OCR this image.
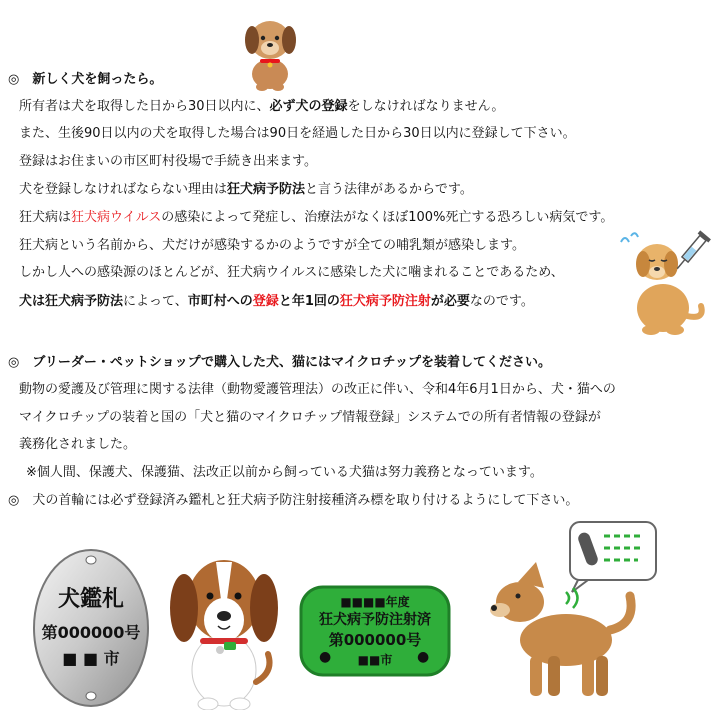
◎　新しく犬を飼ったら。
所有者は犬を取得した日から30日以内に、必ず犬の登録をしなければなりません。
また、生後90日以内の犬を取得した場合は90日を経過した日から30日以内に登録して下さい。
登録はお住まいの市区町村役場で手続き出来ます。
犬を登録しなければならない理由は狂犬病予防法と言う法律があるからです。
狂犬病は狂犬病ウイルスの感染によって発症し、治療法がなくほぼ100%死亡する恐ろしい病気です。
狂犬病という名前から、犬だけが感染するかのようですが全ての哺乳類が感染します。
しかし人への感染源のほとんどが、狂犬病ウイルスに感染した犬に噛まれることであるため、
犬は狂犬病予防法によって、市町村への登録と年1回の狂犬病予防注射が必要なのです。
◎　ブリーダー・ペットショップで購入した犬、猫にはマイクロチップを装着してください。
動物の愛護及び管理に関する法律（動物愛護管理法）の改正に伴い、令和4年6月1日から、犬・猫への
マイクロチップの装着と国の「犬と猫のマイクロチップ情報登録」システムでの所有者情報の登録が
義務化されました。
※個人間、保護犬、保護猫、法改正以前から飼っている犬猫は努力義務となっています。
◎　犬の首輪には必ず登録済み鑑札と狂犬病予防注射接種済み標を取り付けるようにして下さい。
犬鑑札
第000000号
■ ■ 市
■■■■年度
狂犬病予防注射済
第000000号
●	■■市	●
